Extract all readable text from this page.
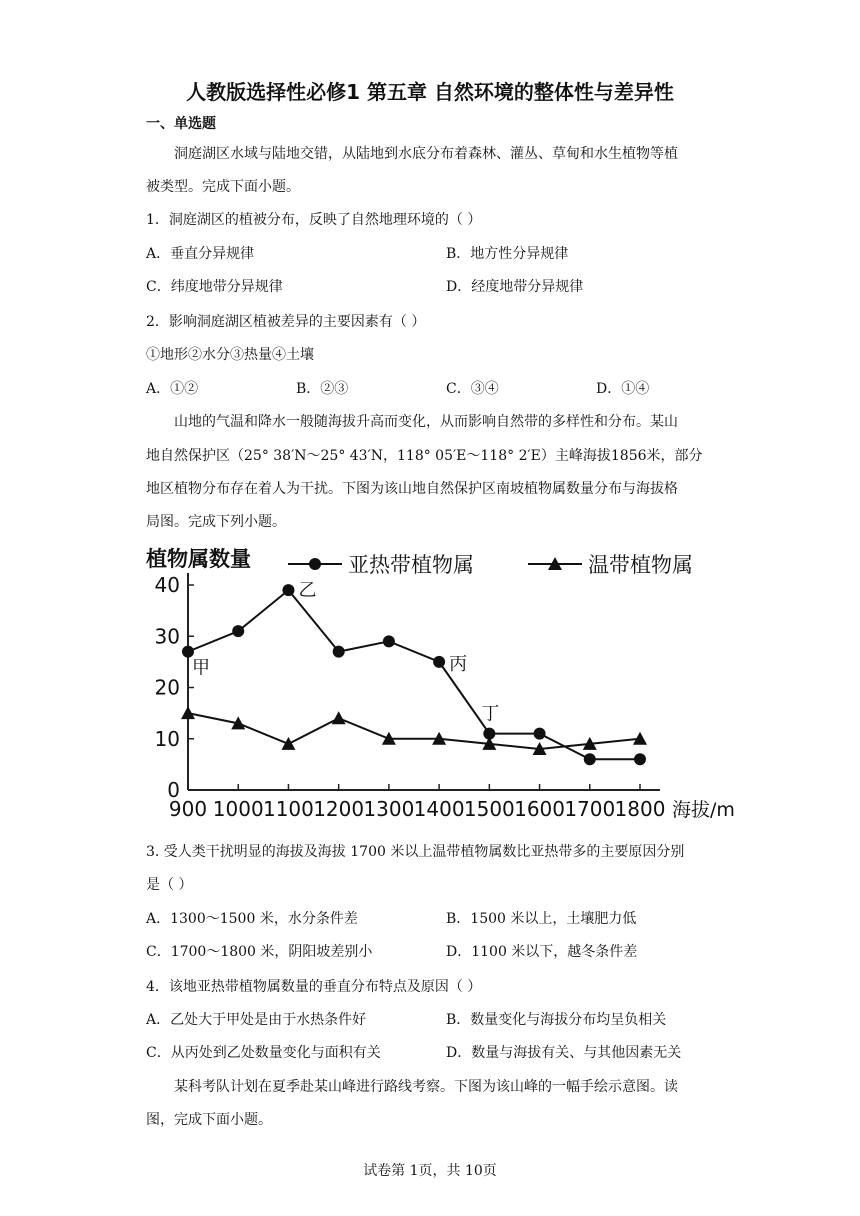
人教版选择性必修1 第五章 自然环境的整体性与差异性
一、单选题
洞庭湖区水域与陆地交错，从陆地到水底分布着森林、灌丛、草甸和水生植物等植
被类型。完成下面小题。
1．洞庭湖区的植被分布，反映了自然地理环境的（ ）
A．垂直分异规律	B．地方性分异规律
C．纬度地带分异规律	D．经度地带分异规律
2．影响洞庭湖区植被差异的主要因素有（ ）
①地形②水分③热量④土壤
A．①②	B．②③	C．③④	D．①④
山地的气温和降水一般随海拔升高而变化，从而影响自然带的多样性和分布。某山
地自然保护区（25° 38′N～25° 43′N，118° 05′E～118° 2′E）主峰海拔1856米，部分
地区植物分布存在着人为干扰。下图为该山地自然保护区南坡植物属数量分布与海拔格
局图。完成下列小题。
900 1000 1100 1200 1300 1400 1500 1600 1700 1800
0
10
20
30
40
植物属数量
海拔/m
亚热带植物属	温带植物属
甲
乙
丙
丁
3. 受人类干扰明显的海拔及海拔 1700 米以上温带植物属数比亚热带多的主要原因分别
是（ ）
A．1300～1500 米，水分条件差	B．1500 米以上，土壤肥力低
C．1700～1800 米，阴阳坡差别小	D．1100 米以下，越冬条件差
4．该地亚热带植物属数量的垂直分布特点及原因（ ）
A．乙处大于甲处是由于水热条件好	B．数量变化与海拔分布均呈负相关
C．从丙处到乙处数量变化与面积有关	D．数量与海拔有关、与其他因素无关
某科考队计划在夏季赴某山峰进行路线考察。下图为该山峰的一幅手绘示意图。读
图，完成下面小题。
试卷第 1页，共 10页
